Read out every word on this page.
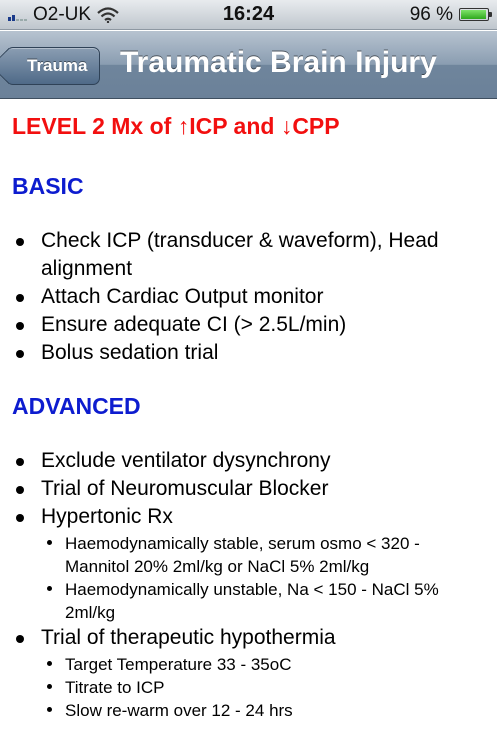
O2-UK	16:24	96 %
Trauma Traumatic Brain Injury
LEVEL 2 Mx of ↑ICP and ↓CPP
BASIC
Check ICP (transducer & waveform), Head alignment
Attach Cardiac Output monitor
Ensure adequate CI (> 2.5L/min)
Bolus sedation trial
ADVANCED
Exclude ventilator dysynchrony
Trial of Neuromuscular Blocker
Hypertonic Rx
Haemodynamically stable, serum osmo < 320 - Mannitol 20% 2ml/kg or NaCl 5% 2ml/kg
Haemodynamically unstable, Na < 150 - NaCl 5% 2ml/kg
Trial of therapeutic hypothermia
Target Temperature 33 - 35oC
Titrate to ICP
Slow re-warm over 12 - 24 hrs
